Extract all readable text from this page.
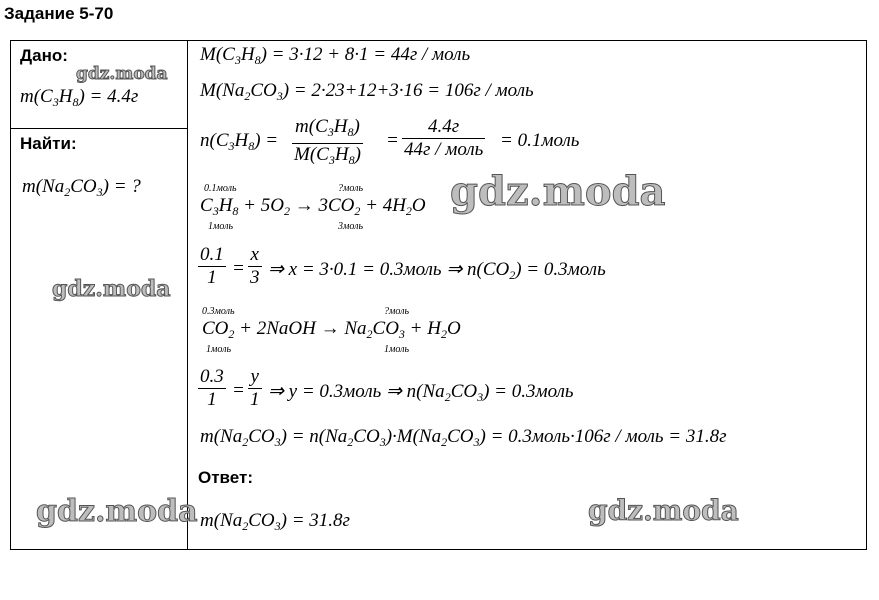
Задание 5-70
Дано:
$m(C_3H_8) = 4.4г$
Найти:
$m(Na_2CO_3)$ = ?
$M(C_3H_8) = 3\cdot 12 + 8\cdot 1 = 44г$ / моль
$M(Na_2CO_3) = 2\cdot 23+12+3\cdot 16 = 106г$ / моль
$n(C_3H_8) = \frac{m(C_3H_8)}{M(C_3H_8)}$ =
4.4г
44г / моль = 0.1моль
0.1моль	?моль
$C_3H_8 + 5O_2 \to 3CO_2 + 4H_2O$
1моль	3моль
$\frac{0.1}{1} = \frac{x}{3}$ ⇒ x = 3·0.1 = 0.3моль ⇒ $n(CO_2)$ = 0.3моль
0.3моль	?моль
$CO_2$ + 2NaOH → $Na_2CO_3 + H_2O$
1моль	1моль
$\frac{0.3}{1} = \frac{y}{1}$ ⇒ y = 0.3моль ⇒ $n(Na_2CO_3)$ = 0.3моль
$m(Na_2CO_3) = n(Na_2CO_3)\cdot M(Na_2CO_3)$ = 0.3моль·106г / моль = 31.8г
Ответ:
$m(Na_2CO_3) = 31.8г$
gdz.moda
gdz.moda
gdz.moda
gdz.moda	gdz.moda
